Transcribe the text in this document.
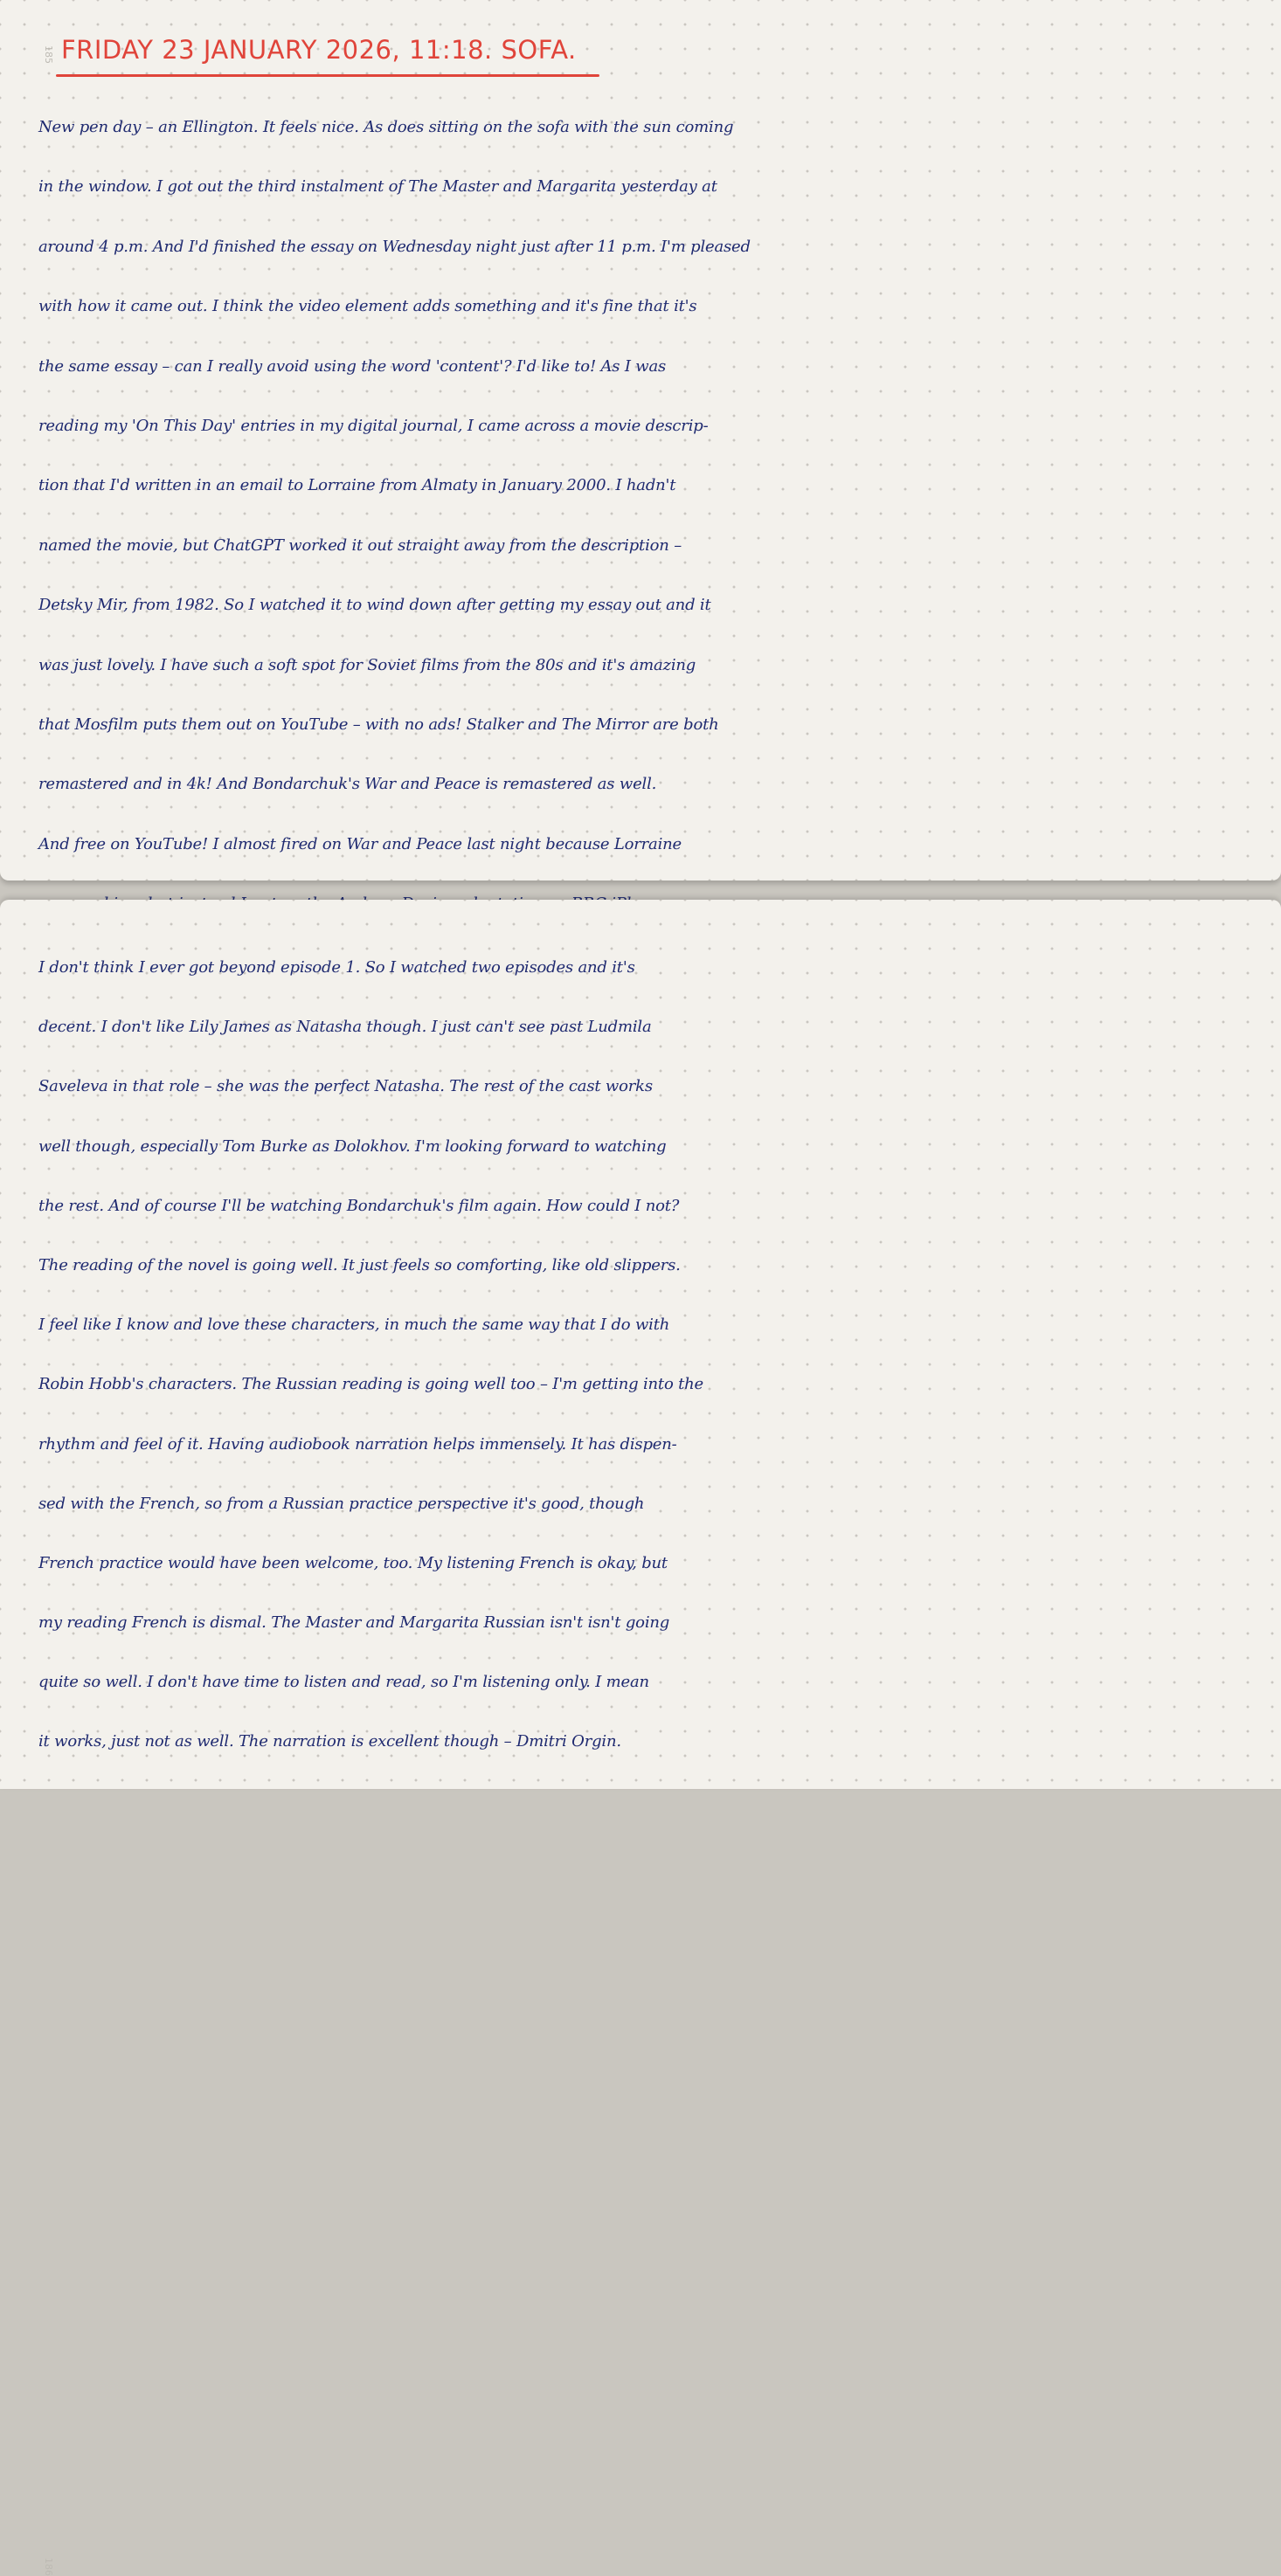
185 FRIDAY 23 JANUARY 2026, 11:18. SOFA.
New pen day – an Ellington. It feels nice. As does sitting on the sofa with the sun coming
in the window. I got out the third instalment of The Master and Margarita yesterday at
around 4 p.m. And I'd finished the essay on Wednesday night just after 11 p.m. I'm pleased
with how it came out. I think the video element adds something and it's fine that it's
the same essay – can I really avoid using the word 'content'? I'd like to! As I was
reading my 'On This Day' entries in my digital journal, I came across a movie descrip-
tion that I'd written in an email to Lorraine from Almaty in January 2000. I hadn't
named the movie, but ChatGPT worked it out straight away from the description –
Detsky Mir, from 1982. So I watched it to wind down after getting my essay out and it
was just lovely. I have such a soft spot for Soviet films from the 80s and it's amazing
that Mosfilm puts them out on YouTube – with no ads! Stalker and The Mirror are both
remastered and in 4k! And Bondarchuk's War and Peace is remastered as well.
And free on YouTube! I almost fired on War and Peace last night because Lorraine
186
I don't think I ever got beyond episode 1. So I watched two episodes and it's
decent. I don't like Lily James as Natasha though. I just can't see past Ludmila
Saveleva in that role – she was the perfect Natasha. The rest of the cast works
well though, especially Tom Burke as Dolokhov. I'm looking forward to watching
the rest. And of course I'll be watching Bondarchuk's film again. How could I not?
The reading of the novel is going well. It just feels so comforting, like old slippers.
I feel like I know and love these characters, in much the same way that I do with
Robin Hobb's characters. The Russian reading is going well too – I'm getting into the
rhythm and feel of it. Having audiobook narration helps immensely. It has dispen-
sed with the French, so from a Russian practice perspective it's good, though
French practice would have been welcome, too. My listening French is okay, but
my reading French is dismal. The Master and Margarita Russian isn't isn't going
quite so well. I don't have time to listen and read, so I'm listening only. I mean
it works, just not as well. The narration is excellent though – Dmitri Orgin.
